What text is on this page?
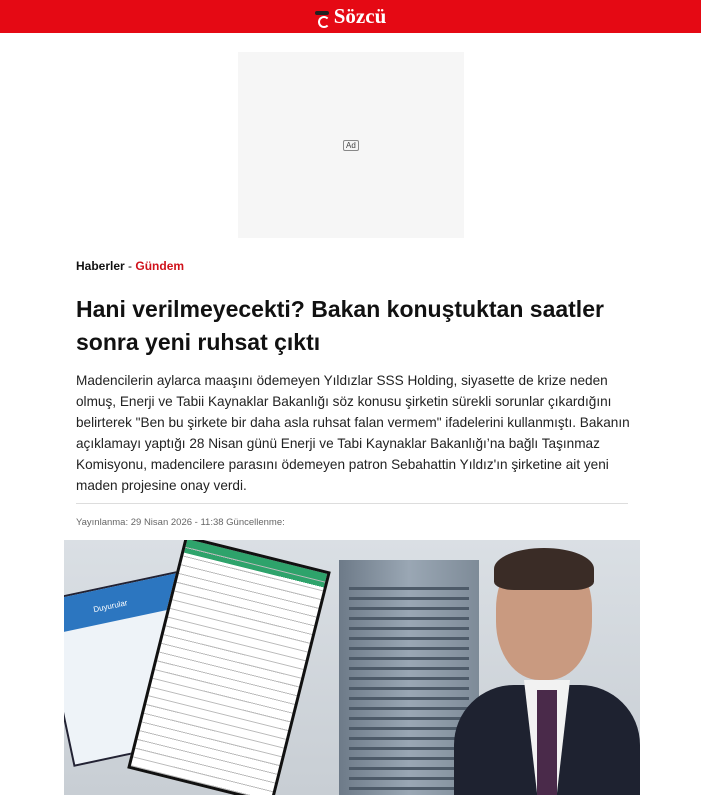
Sözcü
Ad
Haberler - Gündem
Hani verilmeyecekti? Bakan konuştuktan saatler sonra yeni ruhsat çıktı

Madencilerin aylarca maaşını ödemeyen Yıldızlar SSS Holding, siyasette de krize neden olmuş, Enerji ve Tabii Kaynaklar Bakanlığı söz konusu şirketin sürekli sorunlar çıkardığını belirterek "Ben bu şirkete bir daha asla ruhsat falan vermem" ifadelerini kullanmıştı. Bakanın açıklamayı yaptığı 28 Nisan günü Enerji ve Tabi Kaynaklar Bakanlığı’na bağlı Taşınmaz Komisyonu, madencilere parasını ödemeyen patron Sebahattin Yıldız'ın şirketine ait yeni maden projesine onay verdi.

Yayınlanma: 29 Nisan 2026 - 11:38 Güncellenme:
Duyurular
